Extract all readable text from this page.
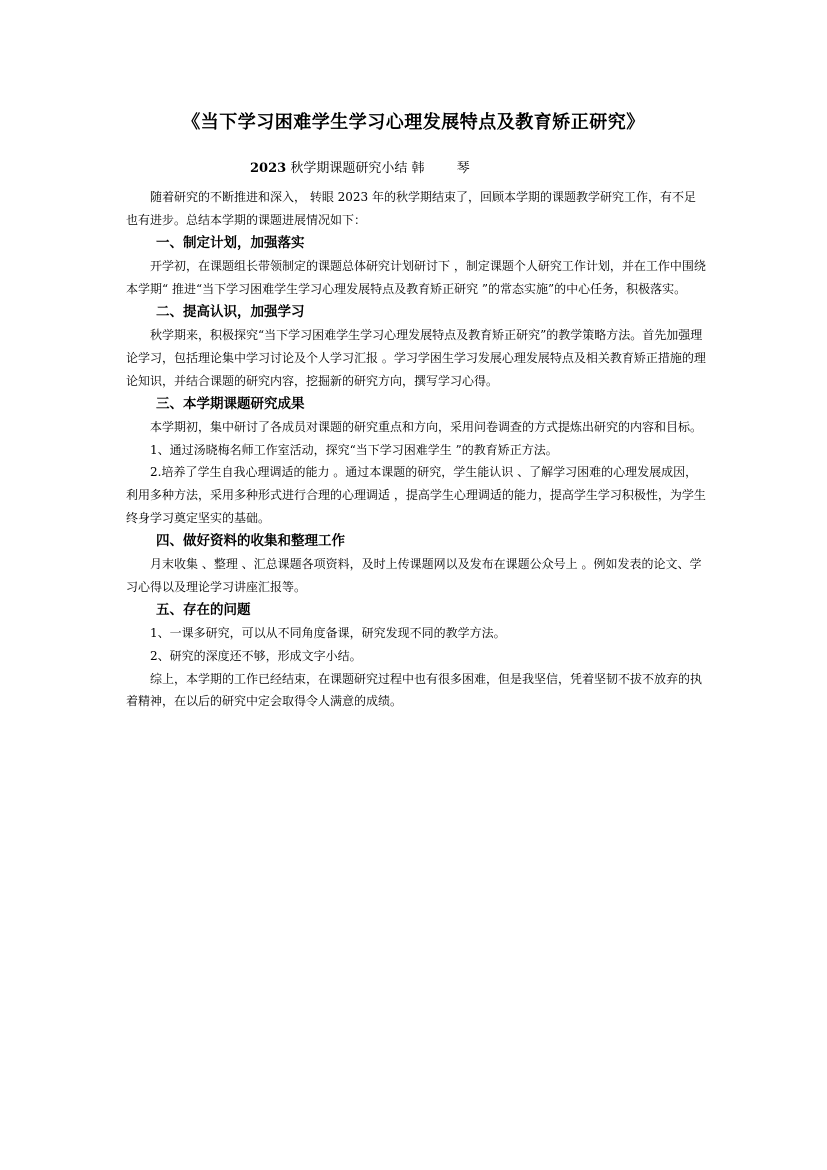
《当下学习困难学生学习心理发展特点及教育矫正研究》
2023 秋学期课题研究小结 韩 琴

随着研究的不断推进和深入， 转眼 2023 年的秋学期结束了，回顾本学期的课题教学研究工作，有不足也有进步。总结本学期的课题进展情况如下：

一、制定计划，加强落实

开学初，在课题组长带领制定的课题总体研究计划研讨下 ，制定课题个人研究工作计划，并在工作中围绕本学期“ 推进“当下学习困难学生学习心理发展特点及教育矫正研究 ”的常态实施”的中心任务，积极落实。

二、提高认识，加强学习

秋学期来，积极探究“当下学习困难学生学习心理发展特点及教育矫正研究”的教学策略方法。首先加强理论学习，包括理论集中学习讨论及个人学习汇报 。学习学困生学习发展心理发展特点及相关教育矫正措施的理论知识，并结合课题的研究内容，挖掘新的研究方向，撰写学习心得。

三、本学期课题研究成果

本学期初，集中研讨了各成员对课题的研究重点和方向，采用问卷调查的方式提炼出研究的内容和目标。

1、通过汤晓梅名师工作室活动，探究“当下学习困难学生 ”的教育矫正方法。

2.培养了学生自我心理调适的能力 。通过本课题的研究，学生能认识 、了解学习困难的心理发展成因，利用多种方法，采用多种形式进行合理的心理调适 ，提高学生心理调适的能力，提高学生学习积极性，为学生 终身学习奠定坚实的基础。

四、做好资料的收集和整理工作

月末收集 、整理 、汇总课题各项资料，及时上传课题网以及发布在课题公众号上 。例如发表的论文、学习心得以及理论学习讲座汇报等。

五、存在的问题

1、一课多研究，可以从不同角度备课，研究发现不同的教学方法。

2、研究的深度还不够，形成文字小结。

综上，本学期的工作已经结束，在课题研究过程中也有很多困难，但是我坚信，凭着坚韧不拔不放弃的执着精神，在以后的研究中定会取得令人满意的成绩。
